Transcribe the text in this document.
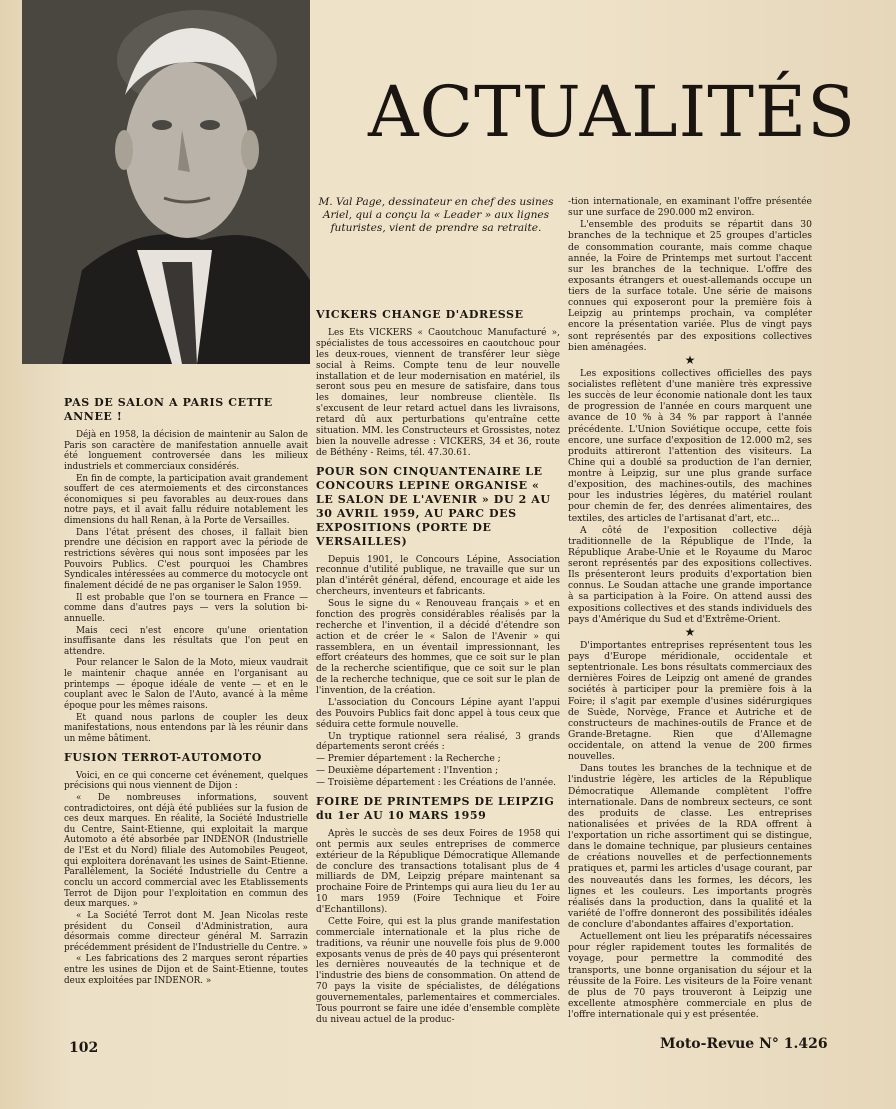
ACTUALITÉS
M. Val Page, dessinateur en chef des usines Ariel, qui a conçu la « Leader » aux lignes futuristes, vient de prendre sa retraite.
PAS DE SALON A PARIS CETTE ANNEE !

Déjà en 1958, la décision de maintenir au Salon de Paris son caractère de manifestation annuelle avait été longuement controversée dans les milieux industriels et commerciaux considérés.

En fin de compte, la participation avait grandement souffert de ces atermoiements et des circonstances économiques si peu favorables au deux-roues dans notre pays, et il avait fallu réduire notablement les dimensions du hall Renan, à la Porte de Versailles.

Dans l'état présent des choses, il fallait bien prendre une décision en rapport avec la période de restrictions sévères qui nous sont imposées par les Pouvoirs Publics. C'est pourquoi les Chambres Syndicales intéressées au commerce du motocycle ont finalement décidé de ne pas organiser le Salon 1959.

Il est probable que l'on se tournera en France — comme dans d'autres pays — vers la solution bi-annuelle.

Mais ceci n'est encore qu'une orientation insuffisante dans les résultats que l'on peut en attendre.

Pour relancer le Salon de la Moto, mieux vaudrait le maintenir chaque année en l'organisant au printemps — époque idéale de vente — et en le couplant avec le Salon de l'Auto, avancé à la même époque pour les mêmes raisons.

Et quand nous parlons de coupler les deux manifestations, nous entendons par là les réunir dans un même bâtiment.

FUSION TERROT-AUTOMOTO

Voici, en ce qui concerne cet événement, quelques précisions qui nous viennent de Dijon :

« De nombreuses informations, souvent contradictoires, ont déjà été publiées sur la fusion de ces deux marques. En réalité, la Société Industrielle du Centre, Saint-Etienne, qui exploitait la marque Automoto a été absorbée par INDENOR (Industrielle de l'Est et du Nord) filiale des Automobiles Peugeot, qui exploitera dorénavant les usines de Saint-Etienne. Parallèlement, la Société Industrielle du Centre a conclu un accord commercial avec les Etablissements Terrot de Dijon pour l'exploitation en commun des deux marques. »

« La Société Terrot dont M. Jean Nicolas reste président du Conseil d'Administration, aura désormais comme directeur général M. Sarrazin précédemment président de l'Industrielle du Centre. »

« Les fabrications des 2 marques seront réparties entre les usines de Dijon et de Saint-Etienne, toutes deux exploitées par INDENOR. »

VICKERS CHANGE D'ADRESSE

Les Ets VICKERS « Caoutchouc Manufacturé », spécialistes de tous accessoires en caoutchouc pour les deux-roues, viennent de transférer leur siège social à Reims. Compte tenu de leur nouvelle installation et de leur modernisation en matériel, ils seront sous peu en mesure de satisfaire, dans tous les domaines, leur nombreuse clientèle. Ils s'excusent de leur retard actuel dans les livraisons, retard dû aux perturbations qu'entraîne cette situation. MM. les Constructeurs et Grossistes, notez bien la nouvelle adresse : VICKERS, 34 et 36, route de Béthény - Reims, tél. 47.30.61.

POUR SON CINQUANTENAIRE LE CONCOURS LEPINE ORGANISE « LE SALON DE L'AVENIR » DU 2 AU 30 AVRIL 1959, AU PARC DES EXPOSITIONS (PORTE DE VERSAILLES)

Depuis 1901, le Concours Lépine, Association reconnue d'utilité publique, ne travaille que sur un plan d'intérêt général, défend, encourage et aide les chercheurs, inventeurs et fabricants.

Sous le signe du « Renouveau français » et en fonction des progrès considérables réalisés par la recherche et l'invention, il a décidé d'étendre son action et de créer le « Salon de l'Avenir » qui rassemblera, en un éventail impressionnant, les effort créateurs des hommes, que ce soit sur le plan de la recherche scientifique, que ce soit sur le plan de la recherche technique, que ce soit sur le plan de l'invention, de la création.

L'association du Concours Lépine ayant l'appui des Pouvoirs Publics fait donc appel à tous ceux que séduira cette formule nouvelle.

Un tryptique rationnel sera réalisé, 3 grands départements seront créés :

— Premier département : la Recherche ;

— Deuxième département : l'Invention ;

— Troisième département : les Créations de l'année.

FOIRE DE PRINTEMPS DE LEIPZIG du 1er AU 10 MARS 1959

Après le succès de ses deux Foires de 1958 qui ont permis aux seules entreprises de commerce extérieur de la République Démocratique Allemande de conclure des transactions totalisant plus de 4 milliards de DM, Leipzig prépare maintenant sa prochaine Foire de Printemps qui aura lieu du 1er au 10 mars 1959 (Foire Technique et Foire d'Echantillons).

Cette Foire, qui est la plus grande manifestation commerciale internationale et la plus riche de traditions, va réunir une nouvelle fois plus de 9.000 exposants venus de près de 40 pays qui présenteront les dernières nouveautés de la technique et de l'industrie des biens de consommation. On attend de 70 pays la visite de spécialistes, de délégations gouvernementales, parlementaires et commerciales. Tous pourront se faire une idée d'ensemble complète du niveau actuel de la produc-

-tion internationale, en examinant l'offre présentée sur une surface de 290.000 m2 environ.

L'ensemble des produits se répartit dans 30 branches de la technique et 25 groupes d'articles de consommation courante, mais comme chaque année, la Foire de Printemps met surtout l'accent sur les branches de la technique. L'offre des exposants étrangers et ouest-allemands occupe un tiers de la surface totale. Une série de maisons connues qui exposeront pour la première fois à Leipzig au printemps prochain, va compléter encore la présentation variée. Plus de vingt pays sont représentés par des expositions collectives bien aménagées.

★

Les expositions collectives officielles des pays socialistes reflètent d'une manière très expressive les succès de leur économie nationale dont les taux de progression de l'année en cours marquent une avance de 10 % à 34 % par rapport à l'année précédente. L'Union Soviétique occupe, cette fois encore, une surface d'exposition de 12.000 m2, ses produits attireront l'attention des visiteurs. La Chine qui a doublé sa production de l'an dernier, montre à Leipzig, sur une plus grande surface d'exposition, des machines-outils, des machines pour les industries légères, du matériel roulant pour chemin de fer, des denrées alimentaires, des textiles, des articles de l'artisanat d'art, etc...

A côté de l'exposition collective déjà traditionnelle de la République de l'Inde, la République Arabe-Unie et le Royaume du Maroc seront représentés par des expositions collectives. Ils présenteront leurs produits d'exportation bien connus. Le Soudan attache une grande importance à sa participation à la Foire. On attend aussi des expositions collectives et des stands individuels des pays d'Amérique du Sud et d'Extrême-Orient.

★

D'importantes entreprises représentent tous les pays d'Europe méridionale, occidentale et septentrionale. Les bons résultats commerciaux des dernières Foires de Leipzig ont amené de grandes sociétés à participer pour la première fois à la Foire; il s'agit par exemple d'usines sidérurgiques de Suède, Norvège, France et Autriche et de constructeurs de machines-outils de France et de Grande-Bretagne. Rien que d'Allemagne occidentale, on attend la venue de 200 firmes nouvelles.

Dans toutes les branches de la technique et de l'industrie légère, les articles de la République Démocratique Allemande complètent l'offre internationale. Dans de nombreux secteurs, ce sont des produits de classe. Les entreprises nationalisées et privées de la RDA offrent à l'exportation un riche assortiment qui se distingue, dans le domaine technique, par plusieurs centaines de créations nouvelles et de perfectionnements pratiques et, parmi les articles d'usage courant, par des nouveautés dans les formes, les décors, les lignes et les couleurs. Les importants progrès réalisés dans la production, dans la qualité et la variété de l'offre donneront des possibilités idéales de conclure d'abondantes affaires d'exportation.

Actuellement ont lieu les préparatifs nécessaires pour régler rapidement toutes les formalités de voyage, pour permettre la commodité des transports, une bonne organisation du séjour et la réussite de la Foire. Les visiteurs de la Foire venant de plus de 70 pays trouveront à Leipzig une excellente atmosphère commerciale en plus de l'offre internationale qui y est présentée.

102	Moto-Revue N° 1.426
